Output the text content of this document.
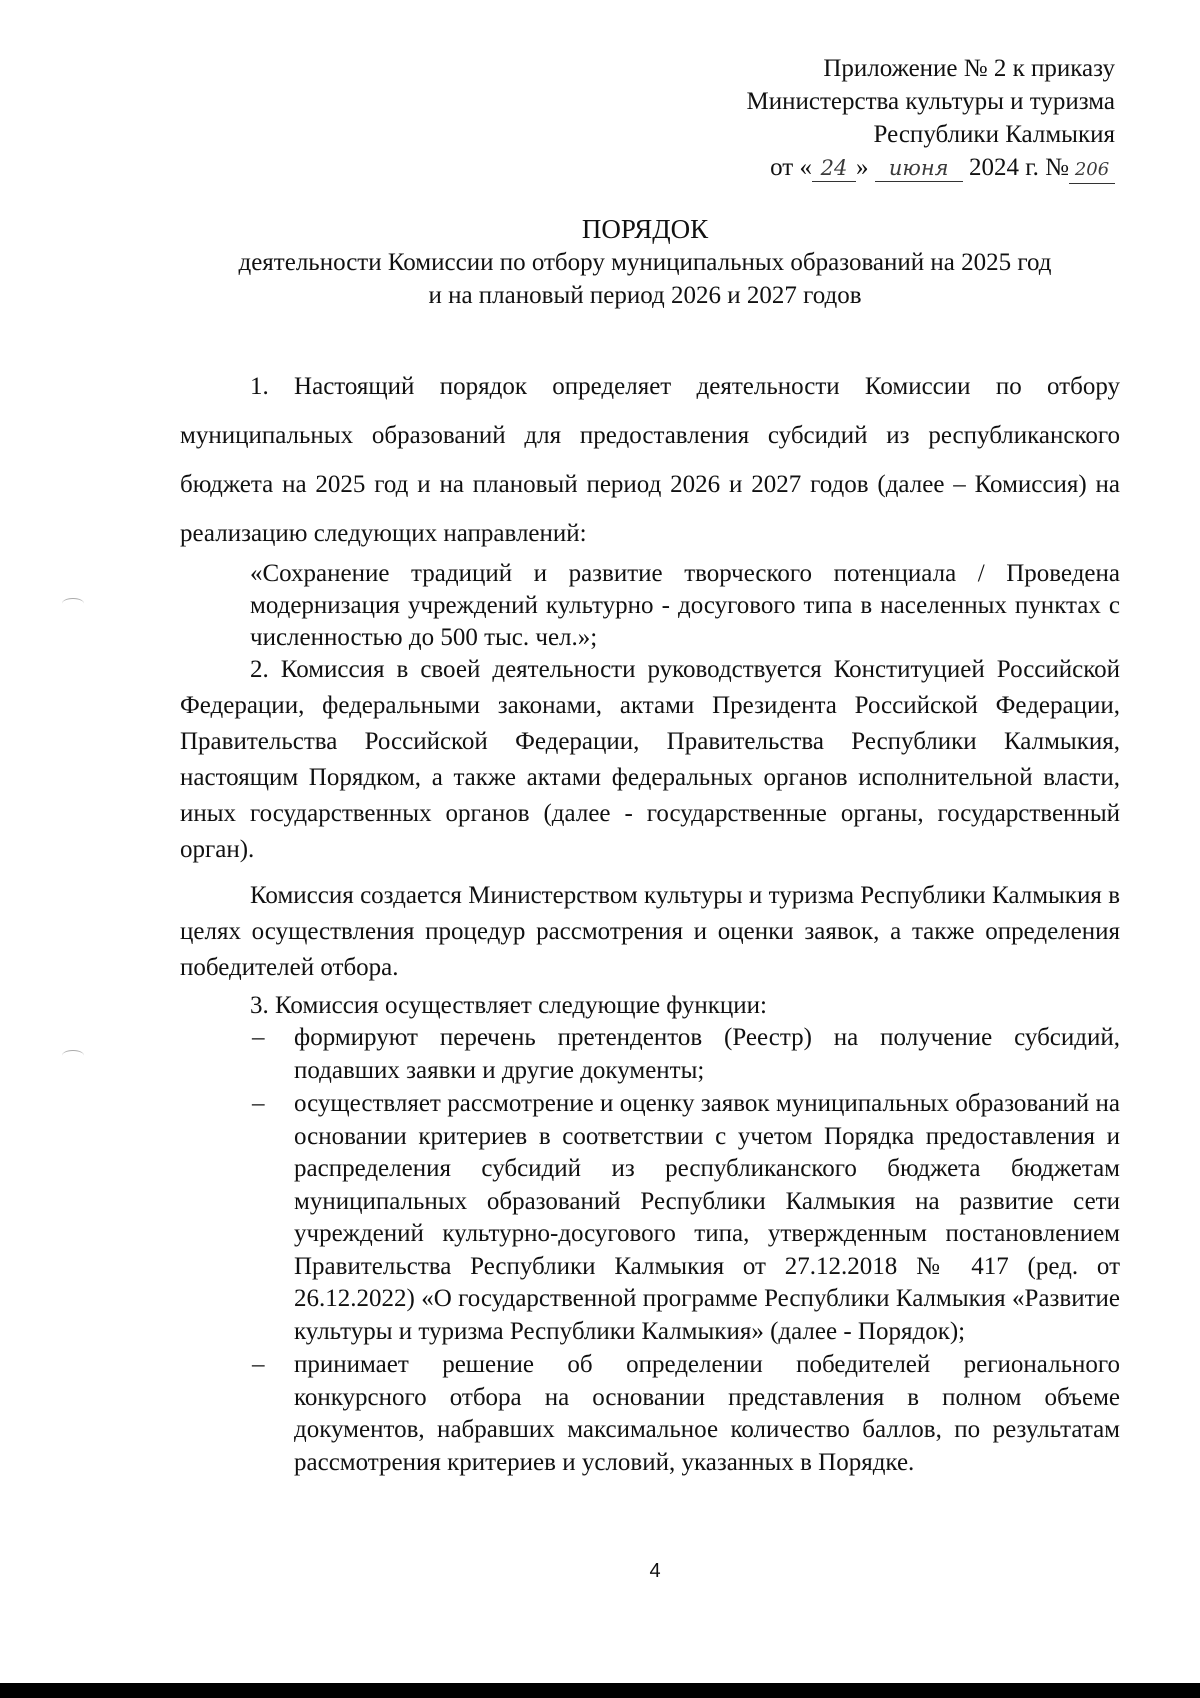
Приложение № 2 к приказу
Министерства культуры и туризма
Республики Калмыкия
от « 24 » июня 2024 г. № 206
ПОРЯДОК
деятельности Комиссии по отбору муниципальных образований на 2025 год
и на плановый период 2026 и 2027 годов
1. Настоящий порядок определяет деятельности Комиссии по отбору муниципальных образований для предоставления субсидий из республиканского бюджета на 2025 год и на плановый период 2026 и 2027 годов (далее – Комиссия) на реализацию следующих направлений:
«Сохранение традиций и развитие творческого потенциала / Проведена модернизация учреждений культурно - досугового типа в населенных пунктах с численностью до 500 тыс. чел.»;
2. Комиссия в своей деятельности руководствуется Конституцией Российской Федерации, федеральными законами, актами Президента Российской Федерации, Правительства Российской Федерации, Правительства Республики Калмыкия, настоящим Порядком, а также актами федеральных органов исполнительной власти, иных государственных органов (далее - государственные органы, государственный орган).
Комиссия создается Министерством культуры и туризма Республики Калмыкия в целях осуществления процедур рассмотрения и оценки заявок, а также определения победителей отбора.
3. Комиссия осуществляет следующие функции:
– формируют перечень претендентов (Реестр) на получение субсидий, подавших заявки и другие документы;
– осуществляет рассмотрение и оценку заявок муниципальных образований на основании критериев в соответствии с учетом Порядка предоставления и распределения субсидий из республиканского бюджета бюджетам муниципальных образований Республики Калмыкия на развитие сети учреждений культурно-досугового типа, утвержденным постановлением Правительства Республики Калмыкия от 27.12.2018 № 417 (ред. от 26.12.2022) «О государственной программе Республики Калмыкия «Развитие культуры и туризма Республики Калмыкия» (далее - Порядок);
– принимает решение об определении победителей регионального конкурсного отбора на основании представления в полном объеме документов, набравших максимальное количество баллов, по результатам рассмотрения критериев и условий, указанных в Порядке.
4
